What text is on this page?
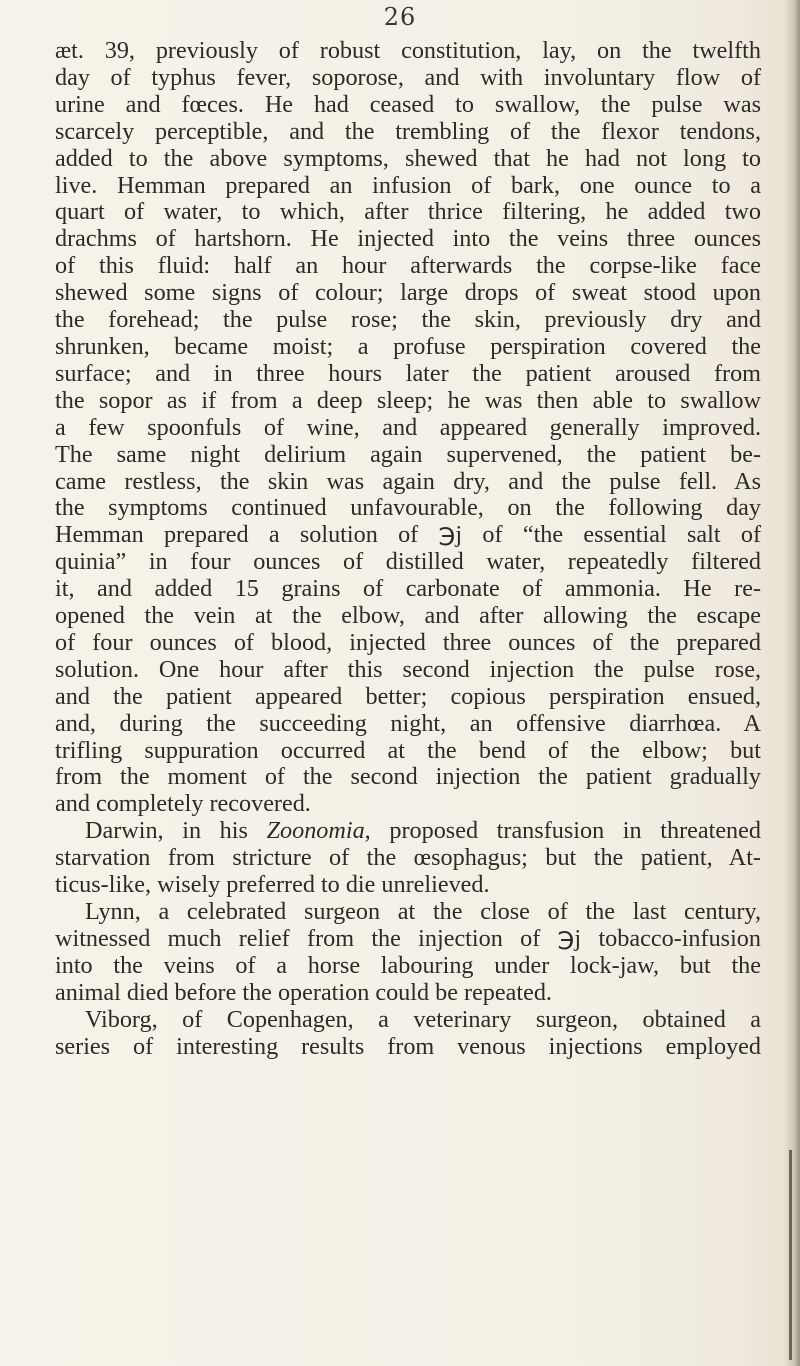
26
æt. 39, previously of robust constitution, lay, on the twelfth
day of typhus fever, soporose, and with involuntary flow of
urine and fœces. He had ceased to swallow, the pulse was
scarcely perceptible, and the trembling of the flexor tendons,
added to the above symptoms, shewed that he had not long to
live. Hemman prepared an infusion of bark, one ounce to a
quart of water, to which, after thrice filtering, he added two
drachms of hartshorn. He injected into the veins three ounces
of this fluid: half an hour afterwards the corpse-like face
shewed some signs of colour; large drops of sweat stood upon
the forehead; the pulse rose; the skin, previously dry and
shrunken, became moist; a profuse perspiration covered the
surface; and in three hours later the patient aroused from
the sopor as if from a deep sleep; he was then able to swallow
a few spoonfuls of wine, and appeared generally improved.
The same night delirium again supervened, the patient be-
came restless, the skin was again dry, and the pulse fell. As
the symptoms continued unfavourable, on the following day
Hemman prepared a solution of ℈j of “the essential salt of
quinia” in four ounces of distilled water, repeatedly filtered
it, and added 15 grains of carbonate of ammonia. He re-
opened the vein at the elbow, and after allowing the escape
of four ounces of blood, injected three ounces of the prepared
solution. One hour after this second injection the pulse rose,
and the patient appeared better; copious perspiration ensued,
and, during the succeeding night, an offensive diarrhœa. A
trifling suppuration occurred at the bend of the elbow; but
from the moment of the second injection the patient gradually
and completely recovered.
Darwin, in his Zoonomia, proposed transfusion in threatened
starvation from stricture of the œsophagus; but the patient, At-
ticus-like, wisely preferred to die unrelieved.
Lynn, a celebrated surgeon at the close of the last century,
witnessed much relief from the injection of ℈j tobacco-infusion
into the veins of a horse labouring under lock-jaw, but the
animal died before the operation could be repeated.
Viborg, of Copenhagen, a veterinary surgeon, obtained a
series of interesting results from venous injections employed
